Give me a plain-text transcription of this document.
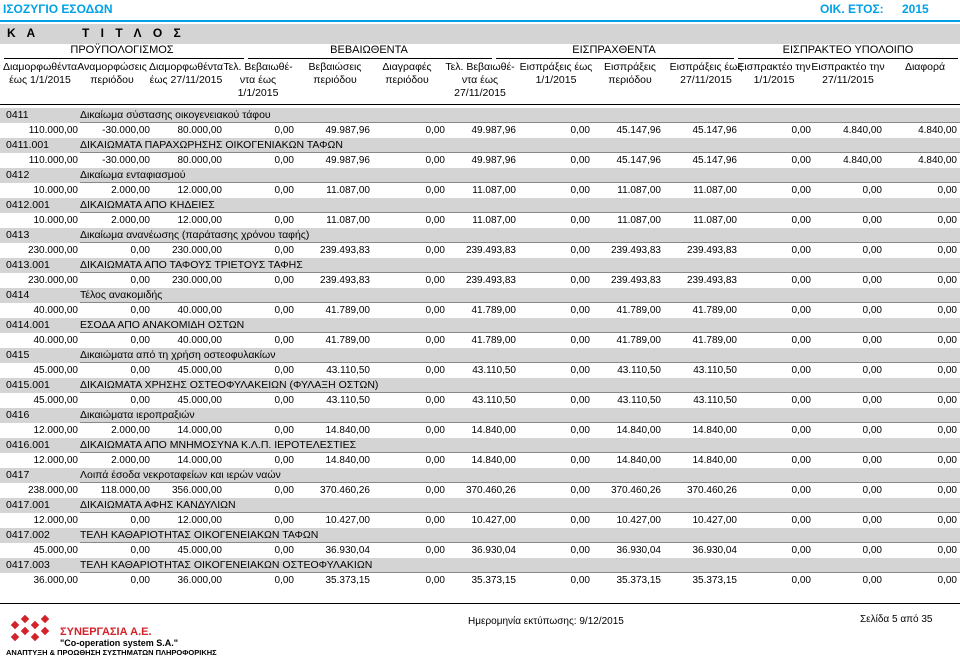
ΙΣΟΖΥΓΙΟ ΕΣΟΔΩΝ	ΟΙΚ. ΕΤΟΣ: 2015
Κ Α	Τ Ι Τ Λ Ο Σ
ΠΡΟΫΠΟΛΟΓΙΣΜΟΣ	ΒΕΒΑΙΩΘΕΝΤΑ	ΕΙΣΠΡΑΧΘΕΝΤΑ	ΕΙΣΠΡΑΚΤΕΟ ΥΠΟΛΟΙΠΟ
Διαμορφωθέντα
έως 1/1/2015
Αναμορφώσεις
περιόδου
Διαμορφωθέντα
έως 27/11/2015
Τελ. Βεβαιωθέ-
ντα έως
1/1/2015
Βεβαιώσεις
περιόδου
Διαγραφές
περιόδου
Τελ. Βεβαιωθέ-
ντα έως
27/11/2015
Εισπράξεις έως
1/1/2015
Εισπράξεις
περιόδου
Εισπράξεις έως
27/11/2015
Εισπρακτέο την
1/1/2015
Εισπρακτέο την
27/11/2015
Διαφορά
0411	Δικαίωμα σύστασης οικογενειακού τάφου
110.000,00	-30.000,00	80.000,00	0,00	49.987,96	0,00	49.987,96	0,00	45.147,96	45.147,96	0,00	4.840,00	4.840,00
0411.001	ΔΙΚΑΙΩΜΑΤΑ ΠΑΡΑΧΩΡΗΣΗΣ ΟΙΚΟΓΕΝΙΑΚΩΝ ΤΑΦΩΝ
110.000,00	-30.000,00	80.000,00	0,00	49.987,96	0,00	49.987,96	0,00	45.147,96	45.147,96	0,00	4.840,00	4.840,00
0412	Δικαίωμα ενταφιασμού
10.000,00	2.000,00	12.000,00	0,00	11.087,00	0,00	11.087,00	0,00	11.087,00	11.087,00	0,00	0,00	0,00
0412.001	ΔΙΚΑΙΩΜΑΤΑ ΑΠΟ ΚΗΔΕΙΕΣ
10.000,00	2.000,00	12.000,00	0,00	11.087,00	0,00	11.087,00	0,00	11.087,00	11.087,00	0,00	0,00	0,00
0413	Δικαίωμα ανανέωσης (παράτασης χρόνου ταφής)
230.000,00	0,00	230.000,00	0,00	239.493,83	0,00	239.493,83	0,00	239.493,83	239.493,83	0,00	0,00	0,00
0413.001	ΔΙΚΑΙΩΜΑΤΑ ΑΠΟ ΤΑΦΟΥΣ ΤΡΙΕΤΟΥΣ ΤΑΦΗΣ
230.000,00	0,00	230.000,00	0,00	239.493,83	0,00	239.493,83	0,00	239.493,83	239.493,83	0,00	0,00	0,00
0414	Τέλος ανακομιδής
40.000,00	0,00	40.000,00	0,00	41.789,00	0,00	41.789,00	0,00	41.789,00	41.789,00	0,00	0,00	0,00
0414.001	ΕΣΟΔΑ ΑΠΟ ΑΝΑΚΟΜΙΔΗ ΟΣΤΩΝ
40.000,00	0,00	40.000,00	0,00	41.789,00	0,00	41.789,00	0,00	41.789,00	41.789,00	0,00	0,00	0,00
0415	Δικαιώματα από τη χρήση οστεοφυλακίων
45.000,00	0,00	45.000,00	0,00	43.110,50	0,00	43.110,50	0,00	43.110,50	43.110,50	0,00	0,00	0,00
0415.001	ΔΙΚΑΙΩΜΑΤΑ ΧΡΗΣΗΣ ΟΣΤΕΟΦΥΛΑΚΕΙΩΝ (ΦΥΛΑΞΗ ΟΣΤΩΝ)
45.000,00	0,00	45.000,00	0,00	43.110,50	0,00	43.110,50	0,00	43.110,50	43.110,50	0,00	0,00	0,00
0416	Δικαιώματα ιεροπραξιών
12.000,00	2.000,00	14.000,00	0,00	14.840,00	0,00	14.840,00	0,00	14.840,00	14.840,00	0,00	0,00	0,00
0416.001	ΔΙΚΑΙΩΜΑΤΑ ΑΠΟ ΜΝΗΜΟΣΥΝΑ Κ.Λ.Π. ΙΕΡΟΤΕΛΕΣΤΙΕΣ
12.000,00	2.000,00	14.000,00	0,00	14.840,00	0,00	14.840,00	0,00	14.840,00	14.840,00	0,00	0,00	0,00
0417	Λοιπά έσοδα νεκροταφείων και ιερών ναών
238.000,00	118.000,00	356.000,00	0,00	370.460,26	0,00	370.460,26	0,00	370.460,26	370.460,26	0,00	0,00	0,00
0417.001	ΔΙΚΑΙΩΜΑΤΑ ΑΦΗΣ ΚΑΝΔΥΛΙΩΝ
12.000,00	0,00	12.000,00	0,00	10.427,00	0,00	10.427,00	0,00	10.427,00	10.427,00	0,00	0,00	0,00
0417.002	ΤΕΛΗ ΚΑΘΑΡΙΟΤΗΤΑΣ ΟΙΚΟΓΕΝΕΙΑΚΩΝ ΤΑΦΩΝ
45.000,00	0,00	45.000,00	0,00	36.930,04	0,00	36.930,04	0,00	36.930,04	36.930,04	0,00	0,00	0,00
0417.003	ΤΕΛΗ ΚΑΘΑΡΙΟΤΗΤΑΣ ΟΙΚΟΓΕΝΕΙΑΚΩΝ ΟΣΤΕΟΦΥΛΑΚΙΩΝ
36.000,00	0,00	36.000,00	0,00	35.373,15	0,00	35.373,15	0,00	35.373,15	35.373,15	0,00	0,00	0,00
ΣΥΝΕΡΓΑΣΙΑ Α.Ε.
"Co-operation system S.A."
ΑΝΑΠΤΥΞΗ & ΠΡΟΩΘΗΣΗ ΣΥΣΤΗΜΑΤΩΝ ΠΛΗΡΟΦΟΡΙΚΗΣ
Ημερομηνία εκτύπωσης: 9/12/2015	Σελίδα 5 από 35
